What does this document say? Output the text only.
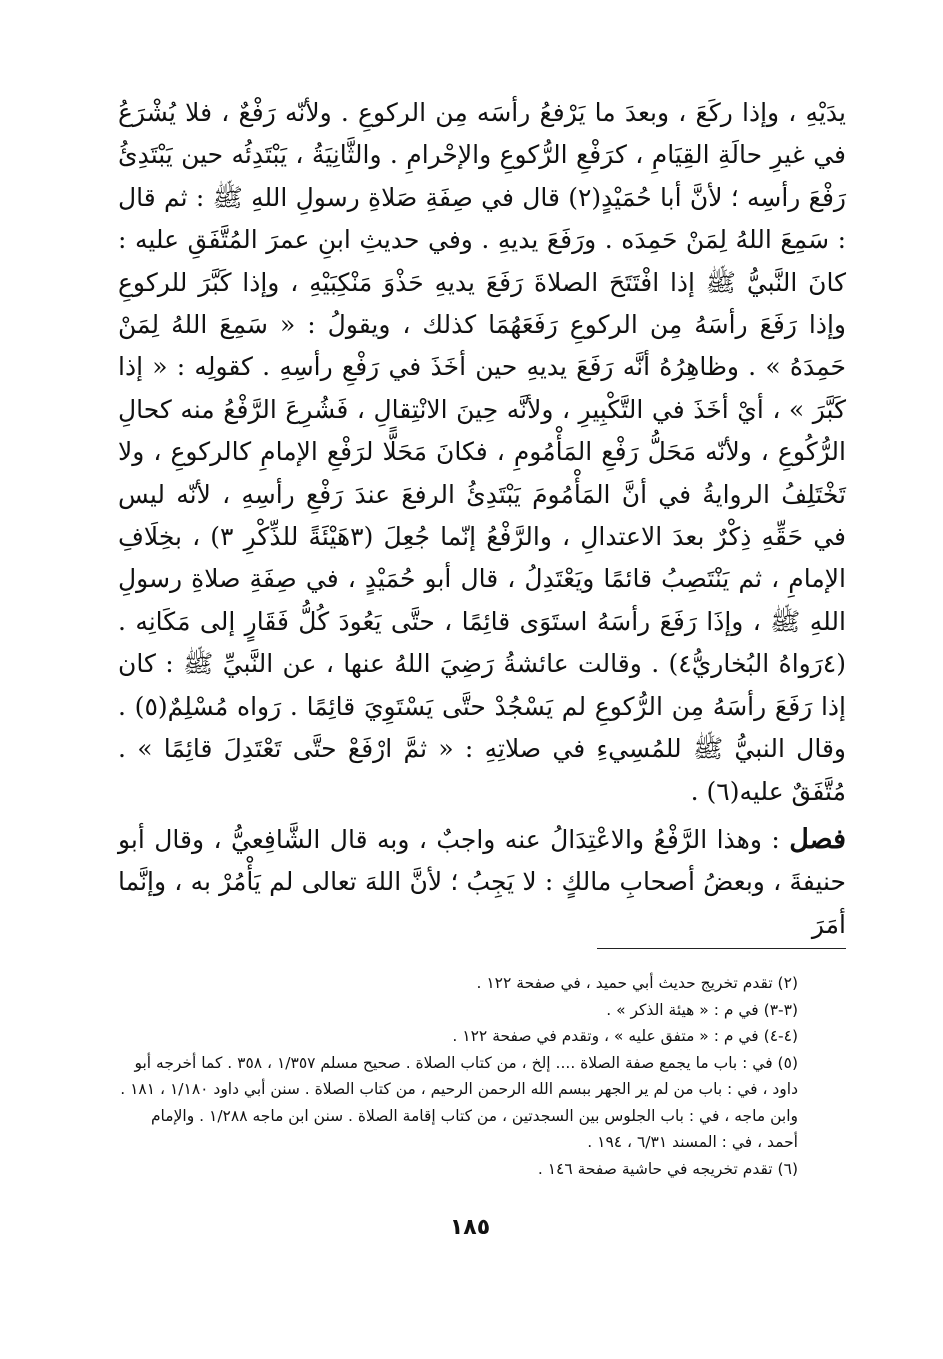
يدَيْهِ ، وإذا ركَعَ ، وبعدَ ما يَرْفعُ رأسَه مِن الركوعِ . ولأنّه رَفْعٌ ، فلا يُشْرَعُ في غيرِ حالَةِ القِيَامِ ، كرَفْعِ الرُّكوعِ والإحْرامِ . والثَّانِيَةُ ، يَبْتَدِئُه حين يَبْتَدِئُ رَفْعَ رأسِه ؛ لأنَّ أبا حُمَيْدٍ(٢) قال في صِفَةِ صَلاةِ رسولِ اللهِ ﷺ : ثم قال : سَمِعَ اللهُ لِمَنْ حَمِدَه . ورَفَعَ يديهِ . وفي حديثِ ابنِ عمرَ المُتَّفَقِ عليه : كانَ النَّبيُّ ﷺ إذا افْتَتَحَ الصلاةَ رَفَعَ يديهِ حَذْوَ مَنْكِبَيْهِ ، وإذا كَبَّرَ للركوعِ وإذا رَفَعَ رأسَهُ مِن الركوعِ رَفَعَهُمَا كذلك ، ويقولُ : « سَمِعَ اللهُ لِمَنْ حَمِدَهُ » . وظاهِرُهُ أنَّه رَفَعَ يديهِ حين أخَذَ في رَفْعِ رأسِهِ . كقولِه : « إذا كَبَّرَ » ، أيْ أخَذَ في التَّكْبِيرِ ، ولأنَّه حِينَ الانْتِقالِ ، فَشُرِعَ الرَّفْعُ منه كحالِ الرُّكُوعِ ، ولأنّه مَحَلُّ رَفْعِ المَأْمُومِ ، فكانَ مَحَلًّا لرَفْعِ الإمامِ كالركوعِ ، ولا تَخْتَلِفُ الروايةُ في أنَّ المَأْمُومَ يَبْتَدِئُ الرفعَ عندَ رَفْعِ رأسِهِ ، لأنّه ليس في حَقِّهِ ذِكْرٌ بعدَ الاعتدالِ ، والرَّفْعُ إنّما جُعِلَ (٣هَيْئَةً للذِّكْرِ ٣) ، بخِلَافِ الإمامِ ، ثم يَنْتَصِبُ قائمًا ويَعْتَدِلُ ، قال أبو حُمَيْدٍ ، في صِفَةِ صلاةِ رسولِ اللهِ ﷺ ، وإذَا رَفَعَ رأسَهُ استَوَى قائِمًا ، حتَّى يَعُودَ كُلُّ فَقَارٍ إلى مَكَانِه . (٤رَواهُ البُخاريُّ٤) . وقالت عائشةُ رَضِيَ اللهُ عنها ، عن النَّبيِّ ﷺ : كان إذا رَفَعَ رأسَهُ مِن الرُّكوعِ لم يَسْجُدْ حتَّى يَسْتَوِيَ قائِمًا . رَواه مُسْلِمٌ(٥) . وقال النبيُّ ﷺ للمُسِيءِ في صلاتِهِ : « ثمَّ ارْفَعْ حتَّى تَعْتَدِلَ قائِمًا » . مُتَّفَقٌ عليه(٦) .

فصل : وهذا الرَّفْعُ والاعْتِدَالُ عنه واجبٌ ، وبه قال الشَّافِعيُّ ، وقال أبو حنيفةَ ، وبعضُ أصحابِ مالكٍ : لا يَجِبُ ؛ لأنَّ اللهَ تعالى لم يَأْمُرْ به ، وإنَّما أمَرَ

(٢) تقدم تخريج حديث أبي حميد ، في صفحة ١٢٢ .

(٣-٣) في م : « هيئة الذكر » .

(٤-٤) في م : « متفق عليه » ، وتقدم في صفحة ١٢٢ .

(٥) في : باب ما يجمع صفة الصلاة .... إلخ ، من كتاب الصلاة . صحيح مسلم ١/٣٥٧ ، ٣٥٨ . كما أخرجه أبو داود ، في : باب من لم ير الجهر ببسم الله الرحمن الرحيم ، من كتاب الصلاة . سنن أبي داود ١/١٨٠ ، ١٨١ . وابن ماجه ، في : باب الجلوس بين السجدتين ، من كتاب إقامة الصلاة . سنن ابن ماجه ١/٢٨٨ . والإمام أحمد ، في : المسند ٦/٣١ ، ١٩٤ .

(٦) تقدم تخريجه في حاشية صفحة ١٤٦ .

١٨٥
